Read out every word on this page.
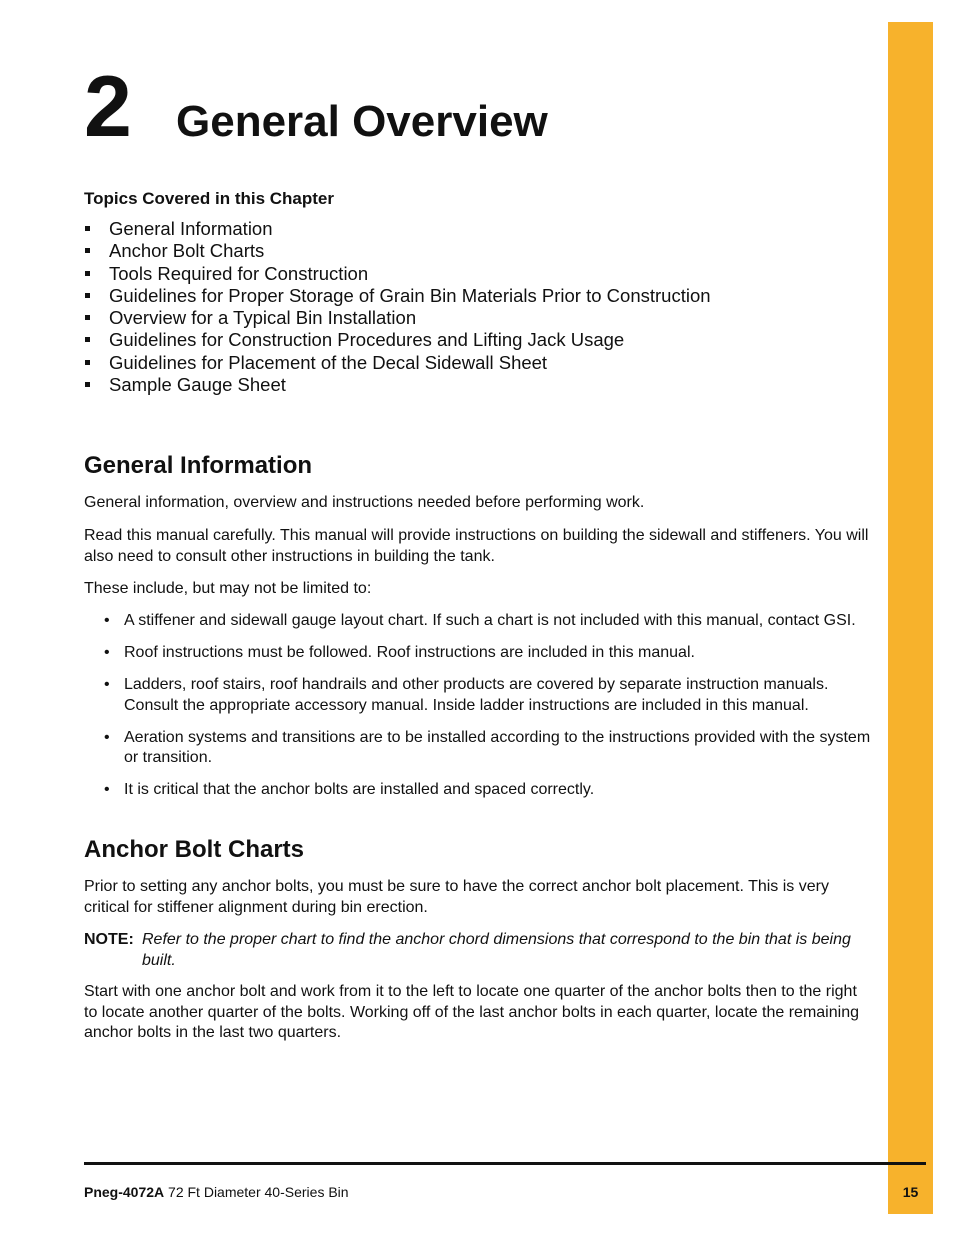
2 General Overview
Topics Covered in this Chapter
General Information
Anchor Bolt Charts
Tools Required for Construction
Guidelines for Proper Storage of Grain Bin Materials Prior to Construction
Overview for a Typical Bin Installation
Guidelines for Construction Procedures and Lifting Jack Usage
Guidelines for Placement of the Decal Sidewall Sheet
Sample Gauge Sheet
General Information

General information, overview and instructions needed before performing work.

Read this manual carefully. This manual will provide instructions on building the sidewall and stiffeners. You will also need to consult other instructions in building the tank.

These include, but may not be limited to:

• A stiffener and sidewall gauge layout chart. If such a chart is not included with this manual, contact GSI.
• Roof instructions must be followed. Roof instructions are included in this manual.
• Ladders, roof stairs, roof handrails and other products are covered by separate instruction manuals. Consult the appropriate accessory manual. Inside ladder instructions are included in this manual.
• Aeration systems and transitions are to be installed according to the instructions provided with the system or transition.
• It is critical that the anchor bolts are installed and spaced correctly.
Anchor Bolt Charts

Prior to setting any anchor bolts, you must be sure to have the correct anchor bolt placement. This is very critical for stiffener alignment during bin erection.

NOTE: Refer to the proper chart to find the anchor chord dimensions that correspond to the bin that is being built.

Start with one anchor bolt and work from it to the left to locate one quarter of the anchor bolts then to the right to locate another quarter of the bolts. Working off of the last anchor bolts in each quarter, locate the remaining anchor bolts in the last two quarters.

Pneg-4072A 72 Ft Diameter 40-Series Bin	15
